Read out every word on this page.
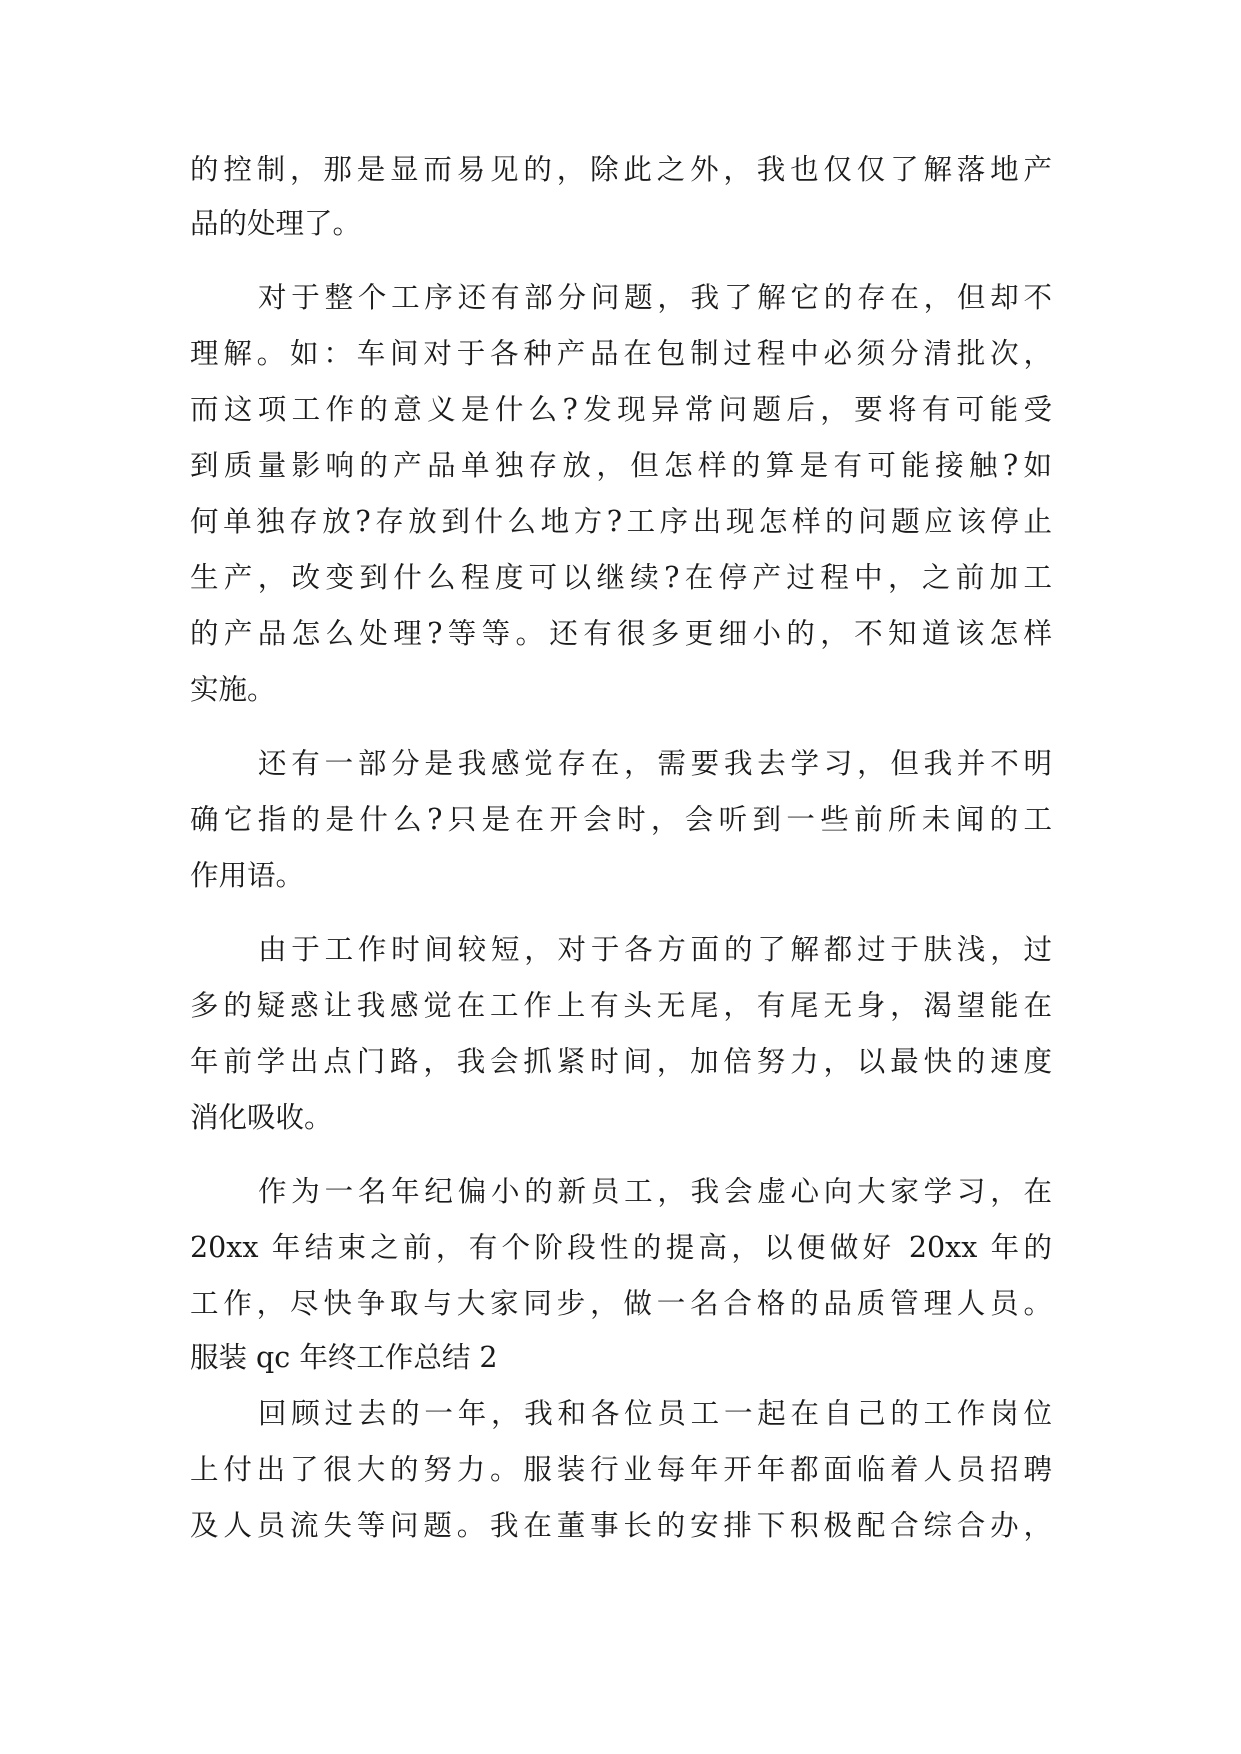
的控制，那是显而易见的，除此之外，我也仅仅了解落地产
品的处理了。
对于整个工序还有部分问题，我了解它的存在，但却不
理解。如：车间对于各种产品在包制过程中必须分清批次，
而这项工作的意义是什么?发现异常问题后，要将有可能受
到质量影响的产品单独存放，但怎样的算是有可能接触?如
何单独存放?存放到什么地方?工序出现怎样的问题应该停止
生产，改变到什么程度可以继续?在停产过程中，之前加工
的产品怎么处理?等等。还有很多更细小的，不知道该怎样
实施。
还有一部分是我感觉存在，需要我去学习，但我并不明
确它指的是什么?只是在开会时，会听到一些前所未闻的工
作用语。
由于工作时间较短，对于各方面的了解都过于肤浅，过
多的疑惑让我感觉在工作上有头无尾，有尾无身，渴望能在
年前学出点门路，我会抓紧时间，加倍努力，以最快的速度
消化吸收。
作为一名年纪偏小的新员工，我会虚心向大家学习，在
20xx 年结束之前，有个阶段性的提高，以便做好 20xx 年的
工作，尽快争取与大家同步，做一名合格的品质管理人员。
服装 qc 年终工作总结 2
回顾过去的一年，我和各位员工一起在自己的工作岗位
上付出了很大的努力。服装行业每年开年都面临着人员招聘
及人员流失等问题。我在董事长的安排下积极配合综合办，
